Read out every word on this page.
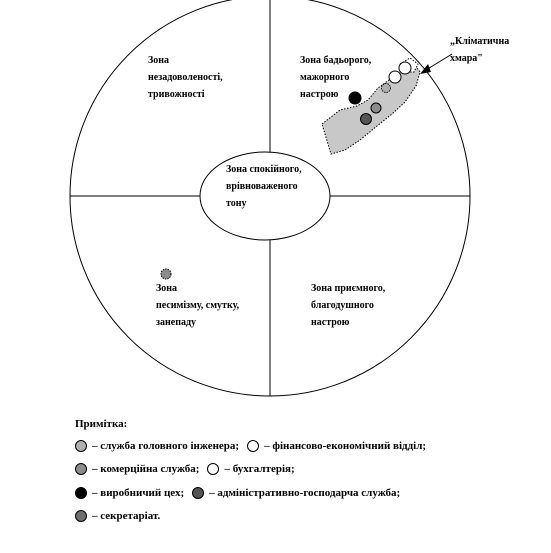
Зона
незадоволеності,
тривожності
Зона бадьорого,
мажорного
настрою
Зона спокійного,
врівноваженого
тону
Зона
песимізму, смутку,
занепаду
Зона приємного,
благодушного
настрою
„Кліматична
хмара"
Примітка:
– служба головного інженера; – фінансово-економічний відділ;
– комерційна служба; – бухгалтерія;
– виробничий цех; – адміністративно-господарча служба;
– секретаріат.
